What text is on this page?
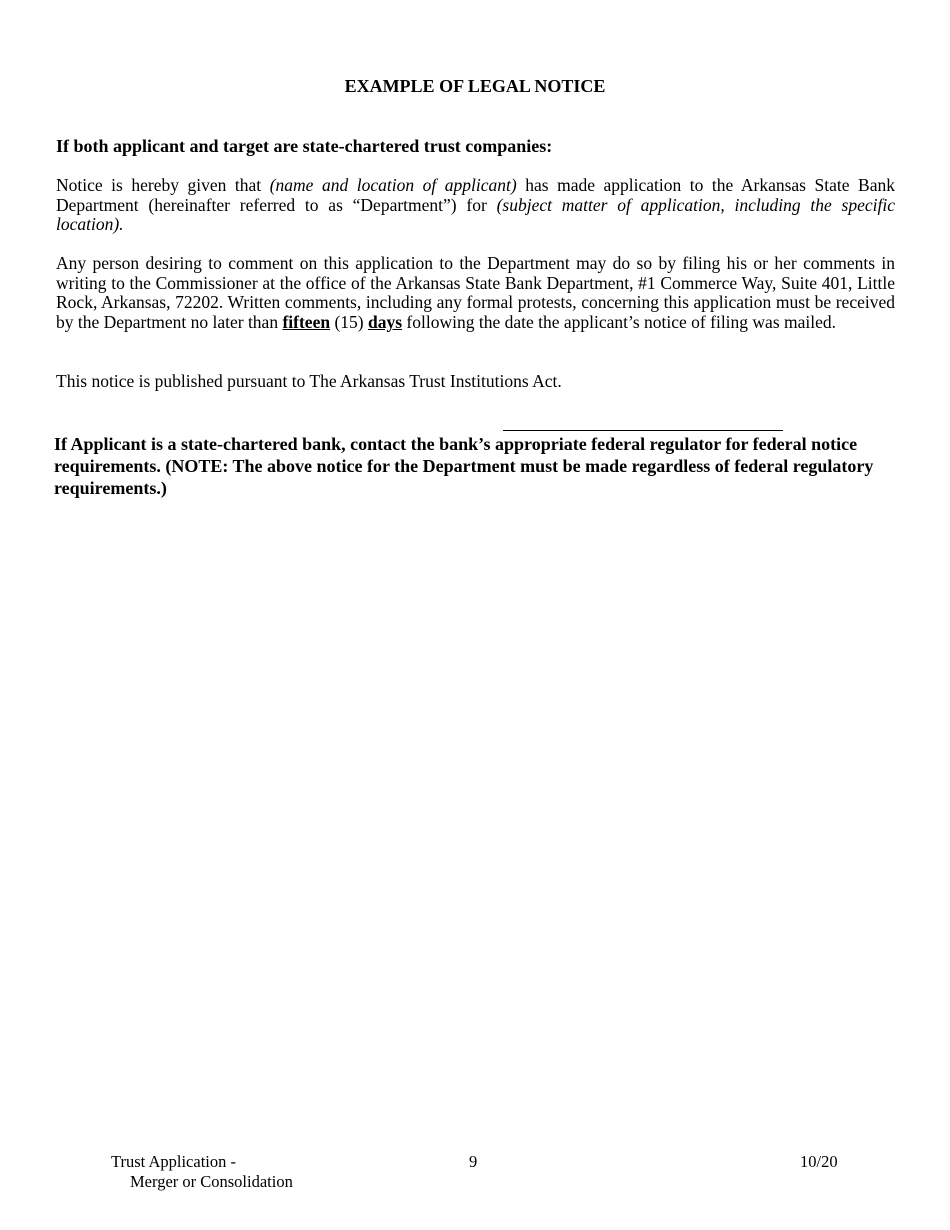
EXAMPLE OF LEGAL NOTICE
If both applicant and target are state-chartered trust companies:
Notice is hereby given that (name and location of applicant) has made application to the Arkansas State Bank Department (hereinafter referred to as “Department”) for (subject matter of application, including the specific location).
Any person desiring to comment on this application to the Department may do so by filing his or her comments in writing to the Commissioner at the office of the Arkansas State Bank Department, #1 Commerce Way, Suite 401, Little Rock, Arkansas, 72202. Written comments, including any formal protests, concerning this application must be received by the Department no later than fifteen (15) days following the date the applicant’s notice of filing was mailed.
This notice is published pursuant to The Arkansas Trust Institutions Act.
If Applicant is a state-chartered bank, contact the bank’s appropriate federal regulator for federal notice requirements. (NOTE: The above notice for the Department must be made regardless of federal regulatory requirements.)
Trust Application -
Merger or Consolidation
9	10/20
